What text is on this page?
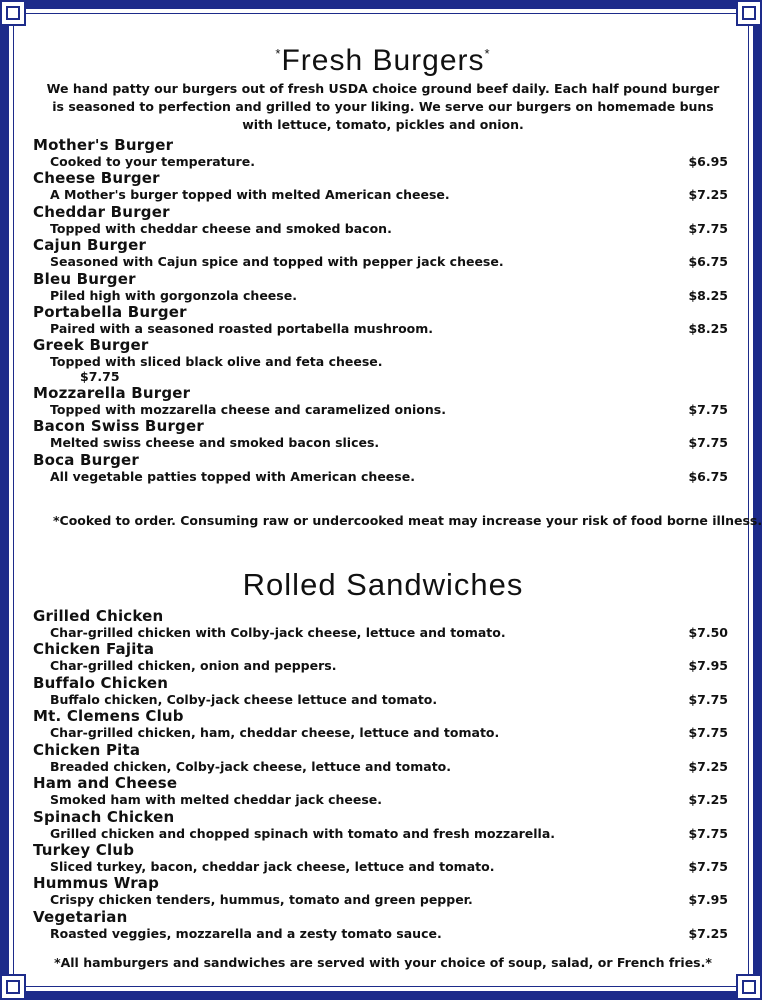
*Fresh Burgers*

We hand patty our burgers out of fresh USDA choice ground beef daily. Each half pound burger is seasoned to perfection and grilled to your liking. We serve our burgers on homemade buns with lettuce, tomato, pickles and onion.

Mother's Burger
Cooked to your temperature.	$6.95
Cheese Burger
A Mother's burger topped with melted American cheese.	$7.25
Cheddar Burger
Topped with cheddar cheese and smoked bacon.	$7.75
Cajun Burger
Seasoned with Cajun spice and topped with pepper jack cheese.	$6.75
Bleu Burger
Piled high with gorgonzola cheese.	$8.25
Portabella Burger
Paired with a seasoned roasted portabella mushroom.	$8.25
Greek Burger
Topped with sliced black olive and feta cheese.
$7.75
Mozzarella Burger
Topped with mozzarella cheese and caramelized onions.	$7.75
Bacon Swiss Burger
Melted swiss cheese and smoked bacon slices.	$7.75
Boca Burger
All vegetable patties topped with American cheese.	$6.75
*Cooked to order. Consuming raw or undercooked meat may increase your risk of food borne illness.
Rolled Sandwiches
Grilled Chicken
Char-grilled chicken with Colby-jack cheese, lettuce and tomato.	$7.50
Chicken Fajita
Char-grilled chicken, onion and peppers.	$7.95
Buffalo Chicken
Buffalo chicken, Colby-jack cheese lettuce and tomato.	$7.75
Mt. Clemens Club
Char-grilled chicken, ham, cheddar cheese, lettuce and tomato.	$7.75
Chicken Pita
Breaded chicken, Colby-jack cheese, lettuce and tomato.	$7.25
Ham and Cheese
Smoked ham with melted cheddar jack cheese.	$7.25
Spinach Chicken
Grilled chicken and chopped spinach with tomato and fresh mozzarella.	$7.75
Turkey Club
Sliced turkey, bacon, cheddar jack cheese, lettuce and tomato.	$7.75
Hummus Wrap
Crispy chicken tenders, hummus, tomato and green pepper.	$7.95
Vegetarian
Roasted veggies, mozzarella and a zesty tomato sauce.	$7.25
*All hamburgers and sandwiches are served with your choice of soup, salad, or French fries.*
